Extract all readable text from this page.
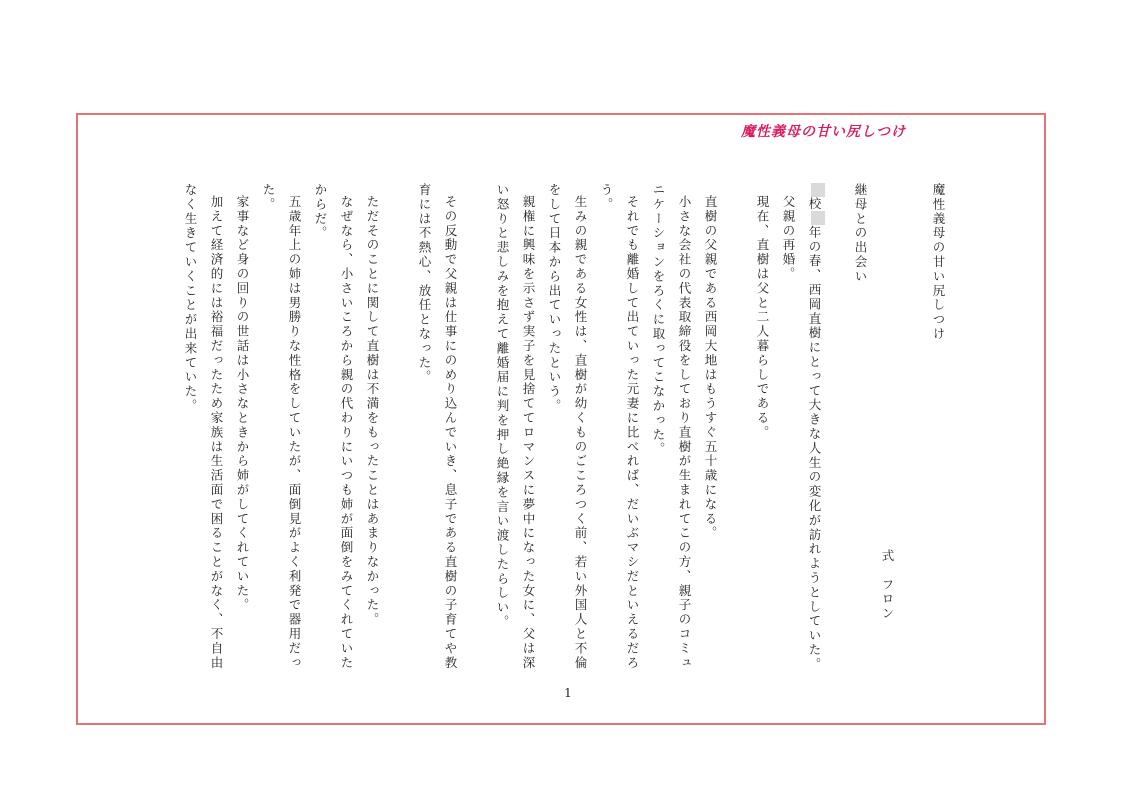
魔性義母の甘い尻しつけ
魔性義母の甘い尻しつけ
式　フロン
継母との出会い
校年の春、西岡直樹にとって大きな人生の変化が訪れようとしていた。
父親の再婚。
現在、直樹は父と二人暮らしである。
直樹の父親である西岡大地はもうすぐ五十歳になる。
小さな会社の代表取締役をしており直樹が生まれてこの方、親子のコミュ
ニケーションをろくに取ってこなかった。
それでも離婚して出ていった元妻に比べれば、だいぶマシだといえるだろ
う。
生みの親である女性は、直樹が幼くものごころつく前、若い外国人と不倫
をして日本から出ていったという。
親権に興味を示さず実子を見捨ててロマンスに夢中になった女に、父は深
い怒りと悲しみを抱えて離婚届に判を押し絶縁を言い渡したらしい。
その反動で父親は仕事にのめり込んでいき、息子である直樹の子育てや教
育には不熱心、放任となった。
ただそのことに関して直樹は不満をもったことはあまりなかった。
なぜなら、小さいころから親の代わりにいつも姉が面倒をみてくれていた
からだ。
五歳年上の姉は男勝りな性格をしていたが、面倒見がよく利発で器用だっ
た。
家事など身の回りの世話は小さなときから姉がしてくれていた。
加えて経済的には裕福だったため家族は生活面で困ることがなく、不自由
なく生きていくことが出来ていた。
1
